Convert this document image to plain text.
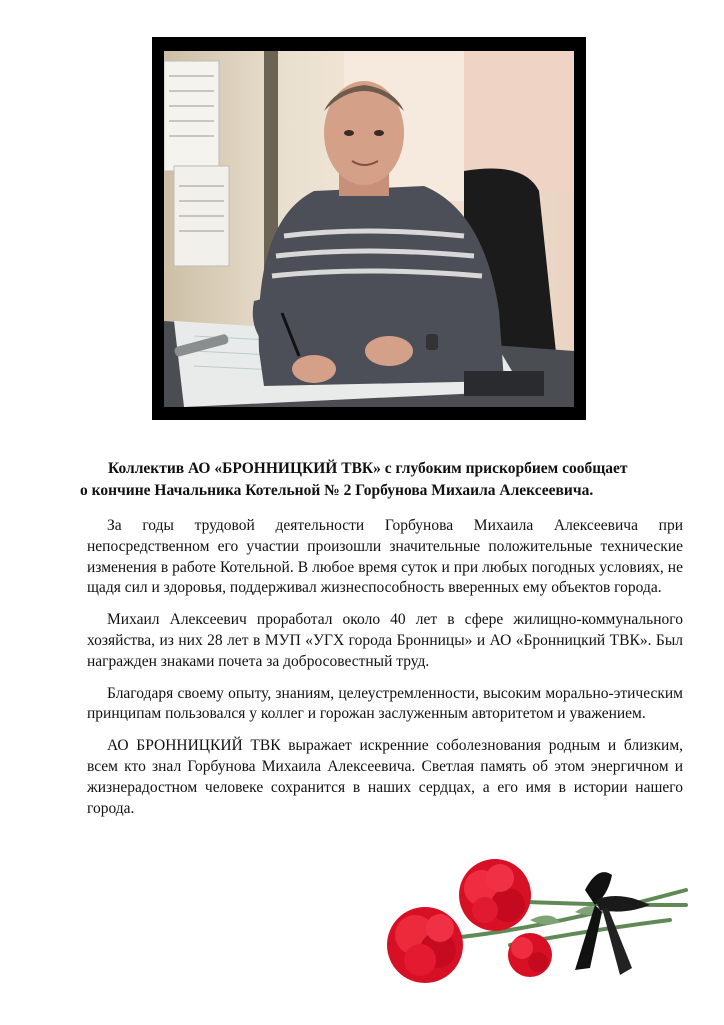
Коллектив АО «БРОННИЦКИЙ ТВК» с глубоким прискорбием сообщает
о кончине Начальника Котельной № 2 Горбунова Михаила Алексеевича.

За годы трудовой деятельности Горбунова Михаила Алексеевича при непосредственном его участии произошли значительные положительные технические изменения в работе Котельной. В любое время суток и при любых погодных условиях, не щадя сил и здоровья, поддерживал жизнеспособность вверенных ему объектов города.

Михаил Алексеевич проработал около 40 лет в сфере жилищно-коммунального хозяйства, из них 28 лет в МУП «УГХ города Бронницы» и АО «Бронницкий ТВК». Был награжден знаками почета за добросовестный труд.

Благодаря своему опыту, знаниям, целеустремленности, высоким морально-этическим принципам пользовался у коллег и горожан заслуженным авторитетом и уважением.

АО БРОННИЦКИЙ ТВК выражает искренние соболезнования родным и близким, всем кто знал Горбунова Михаила Алексеевича. Светлая память об этом энергичном и жизнерадостном человеке сохранится в наших сердцах, а его имя в истории нашего города.
